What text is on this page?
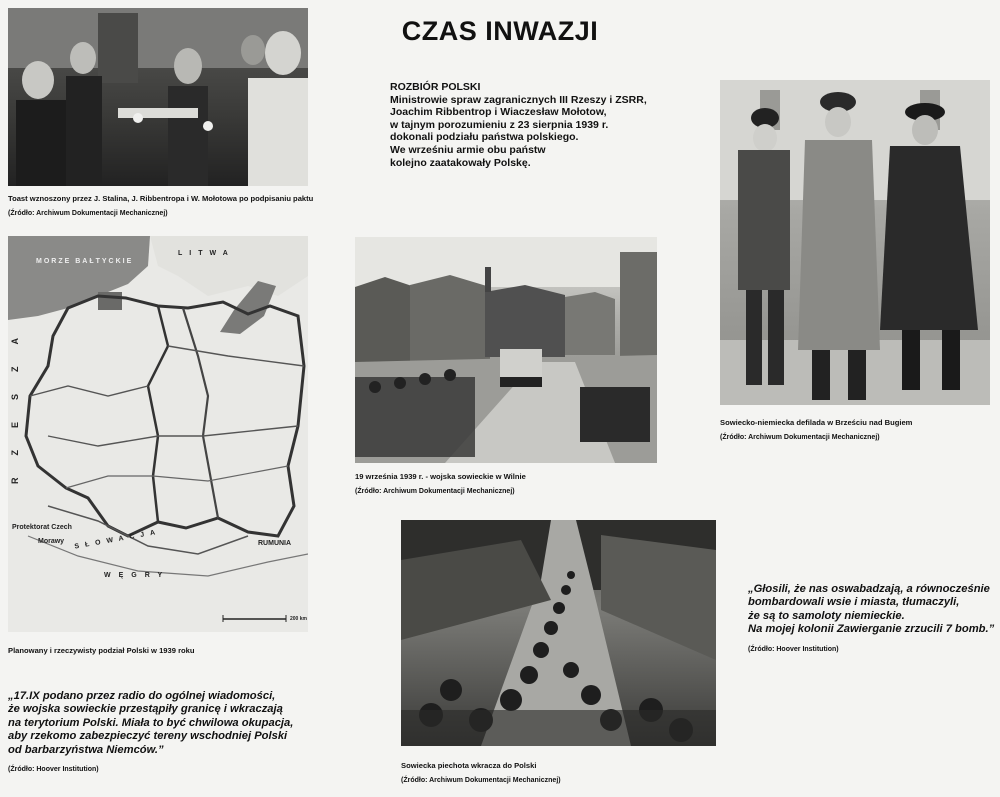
CZAS INWAZJI

ROZBIÓR POLSKI

Ministrowie spraw zagranicznych III Rzeszy i ZSRR,

Joachim Ribbentrop i Wiaczesław Mołotow,

w tajnym porozumieniu z 23 sierpnia 1939 r.

dokonali podziału państwa polskiego.

We wrześniu armie obu państw

kolejno zaatakowały Polskę.

Toast wznoszony przez J. Stalina, J. Ribbentropa i W. Mołotowa po podpisaniu paktu
(Źródło: Archiwum Dokumentacji Mechanicznej)
Sowiecko-niemiecka defilada w Brześciu nad Bugiem
(Źródło: Archiwum Dokumentacji Mechanicznej)
19 września 1939 r. - wojska sowieckie w Wilnie
(Źródło: Archiwum Dokumentacji Mechanicznej)
Sowiecka piechota wkracza do Polski
(Źródło: Archiwum Dokumentacji Mechanicznej)
MORZE BAŁTYCKIE
LITWA
RZESZA
Protektorat Czech
Morawy SŁOWACJA
WĘGRY
RUMUNIA
200 km
Planowany i rzeczywisty podział Polski w 1939 roku

„17.IX podano przez radio do ogólnej wiadomości,

że wojska sowieckie przestąpiły granicę i wkraczają

na terytorium Polski. Miała to być chwilowa okupacja,

aby rzekomo zabezpieczyć tereny wschodniej Polski

od barbarzyństwa Niemców.”

(Źródło: Hoover Institution)

„Głosili, że nas oswabadzają, a równocześnie

bombardowali wsie i miasta, tłumaczyli,

że są to samoloty niemieckie.

Na mojej kolonii Zawierganie zrzucili 7 bomb.”

(Źródło: Hoover Institution)
